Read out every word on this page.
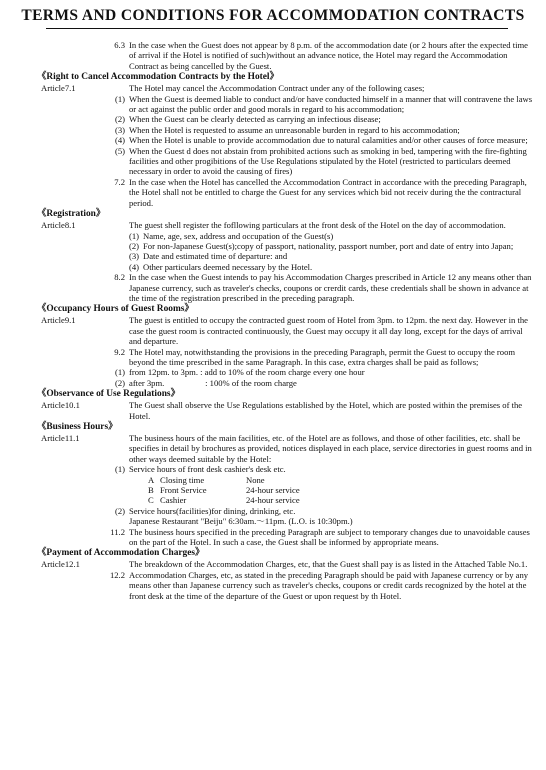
TERMS AND CONDITIONS FOR ACCOMMODATION CONTRACTS
6.3 In the case when the Guest does not appear by 8 p.m. of the accommodation date (or 2 hours after the expected time of arrival if the Hotel is notified of such)without an advance notice, the Hotel may regard the Accommodation Contract as being cancelled by the Guest.
《Right to Cancel Accommodation Contracts by the Hotel》
Article7.1	The Hotel may cancel the Accommodation Contract under any of the following cases;
(1) When the Guest is deemed liable to conduct and/or have conducted himself in a manner that will contravene the laws or act against the public order and good morals in regard to his accommodation;
(2) When the Guest can be clearly detected as carrying an infectious disease;
(3) When the Hotel is requested to assume an unreasonable burden in regard to his accommodation;
(4) When the Hotel is unable to provide accommodation due to natural calamities and/or other causes of force measure;
(5) When the Guest d does not abstain from prohibited actions such as smoking in bed, tampering with the fire-fighting facilities and other progibitions of the Use Regulations stipulated by the Hotel (restricted to particulars deemed necessary in order to avoid the causing of fires)
7.2 In the case when the Hotel has cancelled the Accommodation Contract in accordance with the preceding Paragraph, the Hotel shall not be entitled to charge the Guest for any services which bid not receiv during the the contractural period.
《Registration》
Article8.1	The guest shell register the fofllowing particulars at the front desk of the Hotel on the day of accommodation.
(1) Name, age, sex, address and occupation of the Guest(s)
(2) For non-Japanese Guest(s);copy of passport, nationality, passport number, port and date of entry into Japan;
(3) Date and estimated time of departure: and
(4) Other particulars deemed necessary by the Hotel.
8.2 In the case when the Guest intends to pay his Accommodation Charges prescribed in Article 12 any means other than Japanese currency, such as traveler's checks, coupons or crerdit cards, these credentials shall be shown in advance at the time of the registration prescribed in the preceding paragraph.
《Occupancy Hours of Guest Rooms》
Article9.1	The guest is entitled to occupy the contracted guest room of Hotel from 3pm. to 12pm. the next day. However in the case the guest room is contracted continuously, the Guest may occupy it all day long, except for the days of arrival and departure.
9.2 The Hotel may, notwithstanding the provisions in the preceding Paragraph, permit the Guest to occupy the room beyond the time prescribed in the same Paragraph. In this case, extra charges shall be paid as follows;
(1) from 12pm. to 3pm. : add to 10% of the room charge every one hour
(2) after 3pm.                   : 100% of the room charge
《Observance of Use Regulations》
Article10.1	The Guest shall observe the Use Regulations established by the Hotel, which are posted within the premises of the Hotel.
《Business Hours》
Article11.1	The business hours of the main facilities, etc. of the Hotel are as follows, and those of other facilities, etc. shall be specifies in detail by brochures as provided, notices displayed in each place, service directories in guest rooms and in other ways deemed suitable by the Hotel:
(1) Service hours of front desk cashier's desk etc.
A Closing time	None
B Front Service	24-hour service
C Cashier	24-hour service
(2) Service hours(facilities)for dining, drinking, etc.
Japanese Restaurant "Beiju" 6:30am.～11pm. (L.O. is 10:30pm.)
11.2 The business hours specified in the preceding Paragraph are subject to temporary changes due to unavoidable causes on the part of the Hotel. In such a case, the Guest shall be informed by appropriate means.
《Payment of Accommodation Charges》
Article12.1	The breakdown of the Accommodation Charges, etc, that the Guest shall pay is as listed in the Attached Table No.1.
12.2 Accommodation Charges, etc, as stated in the preceding Paragraph should be paid with Japanese currency or by any means other than Japanese currency such as traveler's checks, coupons or credit cards recognized by the hotel at the front desk at the time of the departure of the Guest or upon request by th Hotel.
